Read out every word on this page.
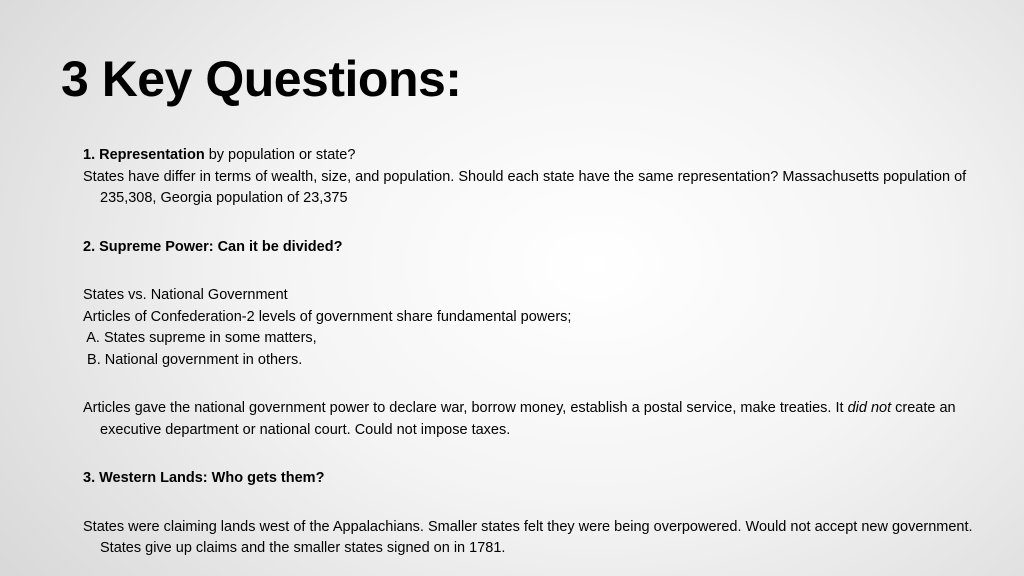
3 Key Questions:

1. Representation by population or state?

States have differ in terms of wealth, size, and population. Should each state have the same representation? Massachusetts population of 235,308, Georgia population of 23,375

2. Supreme Power: Can it be divided?

States vs. National Government

Articles of Confederation-2 levels of government share fundamental powers;

A. States supreme in some matters,

B. National government in others.

Articles gave the national government power to declare war, borrow money, establish a postal service, make treaties. It did not create an executive department or national court. Could not impose taxes.

3. Western Lands: Who gets them?

States were claiming lands west of the Appalachians. Smaller states felt they were being overpowered. Would not accept new government. States give up claims and the smaller states signed on in 1781.
